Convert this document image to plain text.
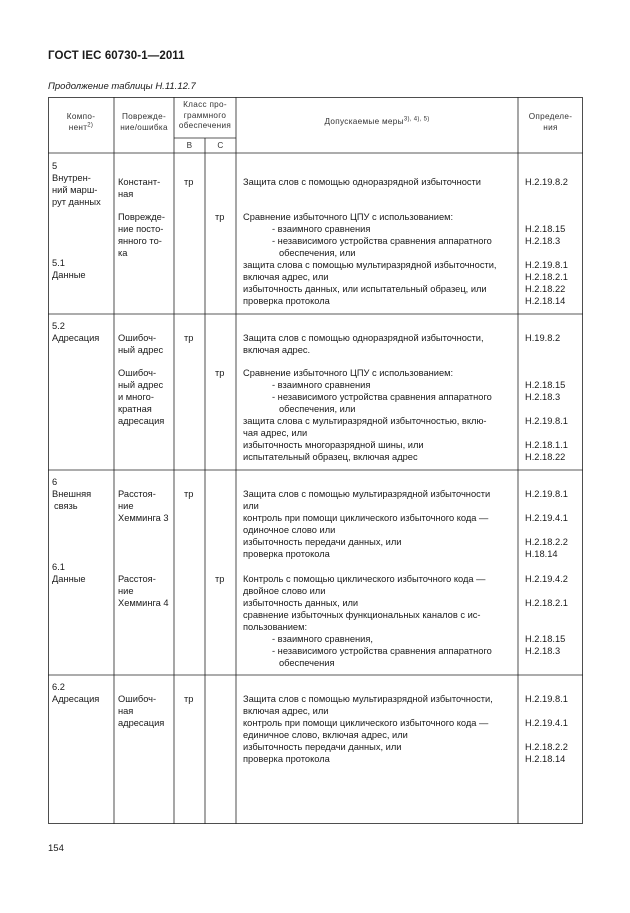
ГОСТ IEC 60730-1—2011
Продолжение таблицы H.11.12.7
Компо-
нент$^{2)}$
Поврежде-
ние/ошибка
Класс про-
граммного
обеспечения
B	C
Допускаемые меры$^{3), 4), 5)}$	Определе-
ния
5
Внутрен-
ний марш-
рут данных
5.1
Данные
5.2
Адресация
6
Внешняя
связь
6.1
Данные
6.2
Адресация
Констант-
ная
Поврежде-
ние посто-
янного то-
ка
Ошибоч-
ный адрес
Ошибоч-
ный адрес
и много-
кратная
адресация
Расстоя-
ние
Хемминга 3
Расстоя-
ние
Хемминга 4
Ошибоч-
ная
адресация
тр
тр
тр
тр
тр
тр
тр
Защита слов с помощью одноразрядной избыточности
Сравнение избыточного ЦПУ с использованием:
- взаимного сравнения
- независимого устройства сравнения аппаратного
обеспечения, или
защита слова с помощью мультиразрядной избыточности,
включая адрес, или
избыточность данных, или испытательный образец, или
проверка протокола
Защита слов с помощью одноразрядной избыточности,
включая адрес.
Сравнение избыточного ЦПУ с использованием:
- взаимного сравнения
- независимого устройства сравнения аппаратного
обеспечения, или
защита слова с мультиразрядной избыточностью, вклю-
чая адрес, или
избыточность многоразрядной шины, или
испытательный образец, включая адрес
Защита слов с помощью мультиразрядной избыточности
или
контроль при помощи циклического избыточного кода —
одиночное слово или
избыточность передачи данных, или
проверка протокола
Контроль с помощью циклического избыточного кода —
двойное слово или
избыточность данных, или
сравнение избыточных функциональных каналов с ис-
пользованием:
- взаимного сравнения,
- независимого устройства сравнения аппаратного
обеспечения
Защита слов с помощью мультиразрядной избыточности,
включая адрес, или
контроль при помощи циклического избыточного кода —
единичное слово, включая адрес, или
избыточность передачи данных, или
проверка протокола
H.2.19.8.2
H.2.18.15
H.2.18.3
H.2.19.8.1
H.2.18.2.1
H.2.18.22
H.2.18.14
H.19.8.2
H.2.18.15
H.2.18.3
H.2.19.8.1
H.2.18.1.1
H.2.18.22
H.2.19.8.1
H.2.19.4.1
H.2.18.2.2
H.18.14
H.2.19.4.2
H.2.18.2.1
H.2.18.15
H.2.18.3
H.2.19.8.1
H.2.19.4.1
H.2.18.2.2
H.2.18.14
154
